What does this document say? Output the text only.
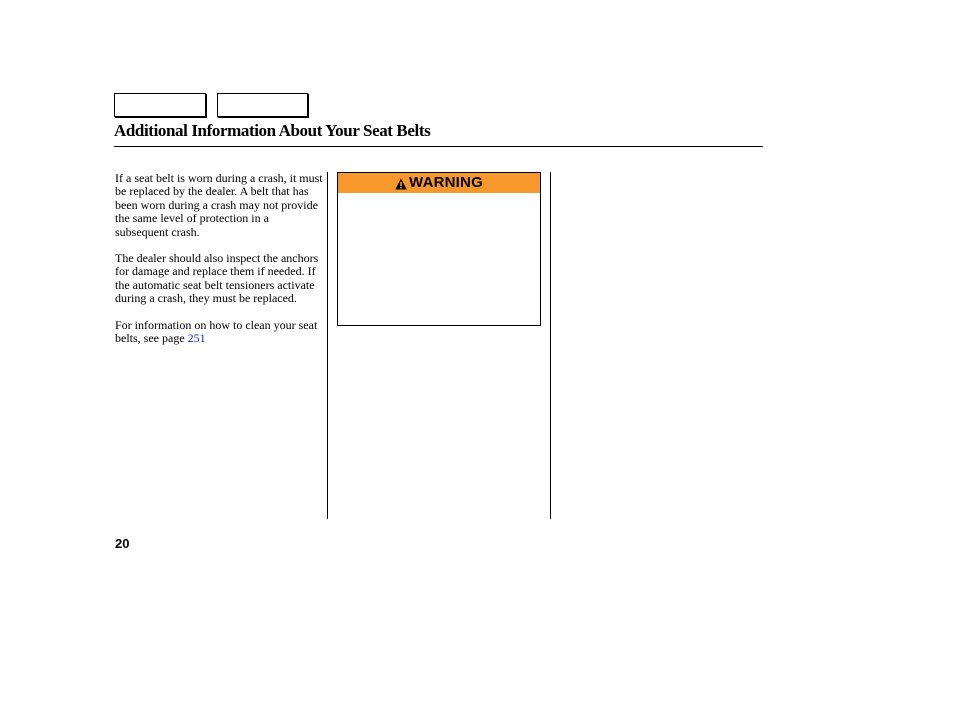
Additional Information About Your Seat Belts

If a seat belt is worn during a crash, it must be replaced by the dealer. A belt that has been worn during a crash may not provide the same level of protection in a subsequent crash.

The dealer should also inspect the anchors for damage and replace them if needed. If the automatic seat belt tensioners activate during a crash, they must be replaced.

For information on how to clean your seat belts, see page 251

WARNING
20
